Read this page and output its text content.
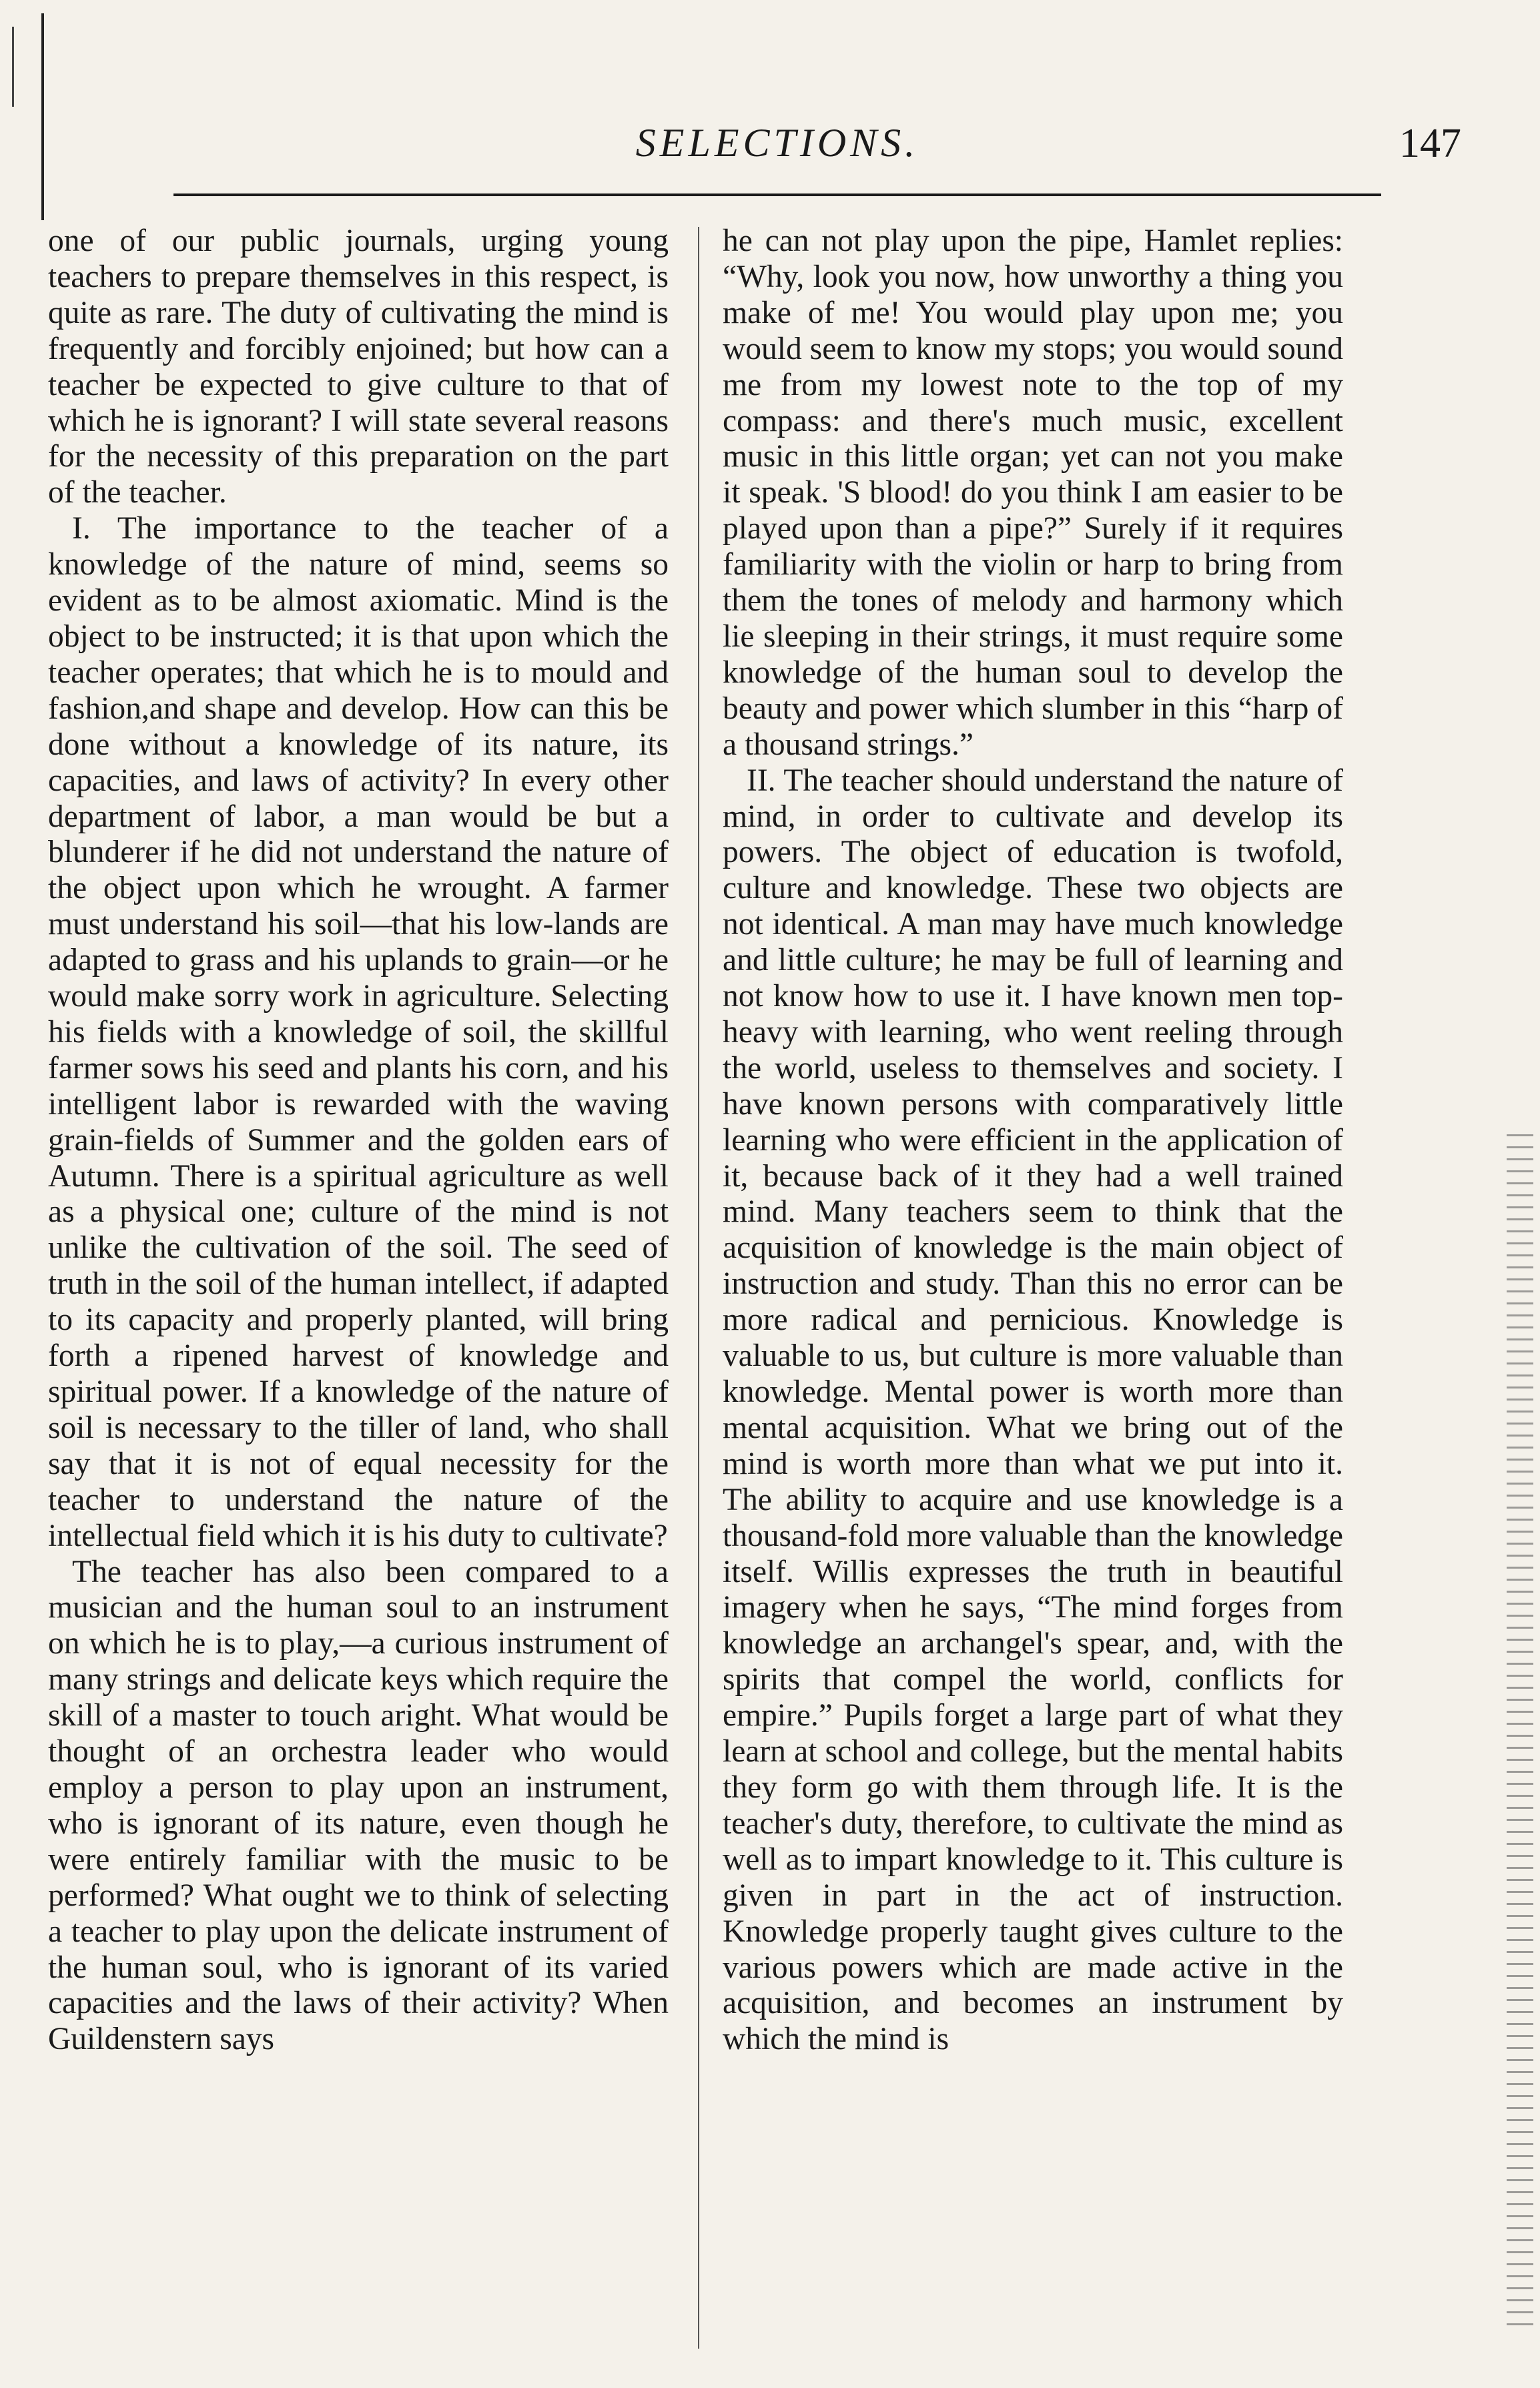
SELECTIONS.	147

one of our public journals, urging young teachers to prepare themselves in this respect, is quite as rare. The duty of cultivating the mind is frequently and forcibly enjoined; but how can a teacher be expected to give culture to that of which he is ignorant? I will state several reasons for the necessity of this preparation on the part of the teacher.

I. The importance to the teacher of a knowledge of the nature of mind, seems so evident as to be almost axiomatic. Mind is the object to be instructed; it is that upon which the teacher operates; that which he is to mould and fashion,and shape and develop. How can this be done without a knowledge of its nature, its capacities, and laws of activity? In every other department of labor, a man would be but a blunderer if he did not understand the nature of the object upon which he wrought. A farmer must understand his soil—that his low-lands are adapted to grass and his uplands to grain—or he would make sorry work in agriculture. Selecting his fields with a knowledge of soil, the skillful farmer sows his seed and plants his corn, and his intelligent labor is rewarded with the waving grain-fields of Summer and the golden ears of Autumn. There is a spiritual agriculture as well as a physical one; culture of the mind is not unlike the cultivation of the soil. The seed of truth in the soil of the human intellect, if adapted to its capacity and properly planted, will bring forth a ripened harvest of knowledge and spiritual power. If a knowledge of the nature of soil is necessary to the tiller of land, who shall say that it is not of equal necessity for the teacher to understand the nature of the intellectual field which it is his duty to cultivate?

The teacher has also been compared to a musician and the human soul to an instrument on which he is to play,—a curious instrument of many strings and delicate keys which require the skill of a master to touch aright. What would be thought of an orchestra leader who would employ a person to play upon an instrument, who is ignorant of its nature, even though he were entirely familiar with the music to be performed? What ought we to think of selecting a teacher to play upon the delicate instrument of the human soul, who is ignorant of its varied capacities and the laws of their activity? When Guildenstern says

he can not play upon the pipe, Hamlet replies: “Why, look you now, how unworthy a thing you make of me! You would play upon me; you would seem to know my stops; you would sound me from my lowest note to the top of my compass: and there's much music, excellent music in this little organ; yet can not you make it speak. 'S blood! do you think I am easier to be played upon than a pipe?” Surely if it requires familiarity with the violin or harp to bring from them the tones of melody and harmony which lie sleeping in their strings, it must require some knowledge of the human soul to develop the beauty and power which slumber in this “harp of a thousand strings.”

II. The teacher should understand the nature of mind, in order to cultivate and develop its powers. The object of education is twofold, culture and knowledge. These two objects are not identical. A man may have much knowledge and little culture; he may be full of learning and not know how to use it. I have known men top-heavy with learning, who went reeling through the world, useless to themselves and society. I have known persons with comparatively little learning who were efficient in the application of it, because back of it they had a well trained mind. Many teachers seem to think that the acquisition of knowledge is the main object of instruction and study. Than this no error can be more radical and pernicious. Knowledge is valuable to us, but culture is more valuable than knowledge. Mental power is worth more than mental acquisition. What we bring out of the mind is worth more than what we put into it. The ability to acquire and use knowledge is a thousand-fold more valuable than the knowledge itself. Willis expresses the truth in beautiful imagery when he says, “The mind forges from knowledge an archangel's spear, and, with the spirits that compel the world, conflicts for empire.” Pupils forget a large part of what they learn at school and college, but the mental habits they form go with them through life. It is the teacher's duty, therefore, to cultivate the mind as well as to impart knowledge to it. This culture is given in part in the act of instruction. Knowledge properly taught gives culture to the various powers which are made active in the acquisition, and becomes an instrument by which the mind is
